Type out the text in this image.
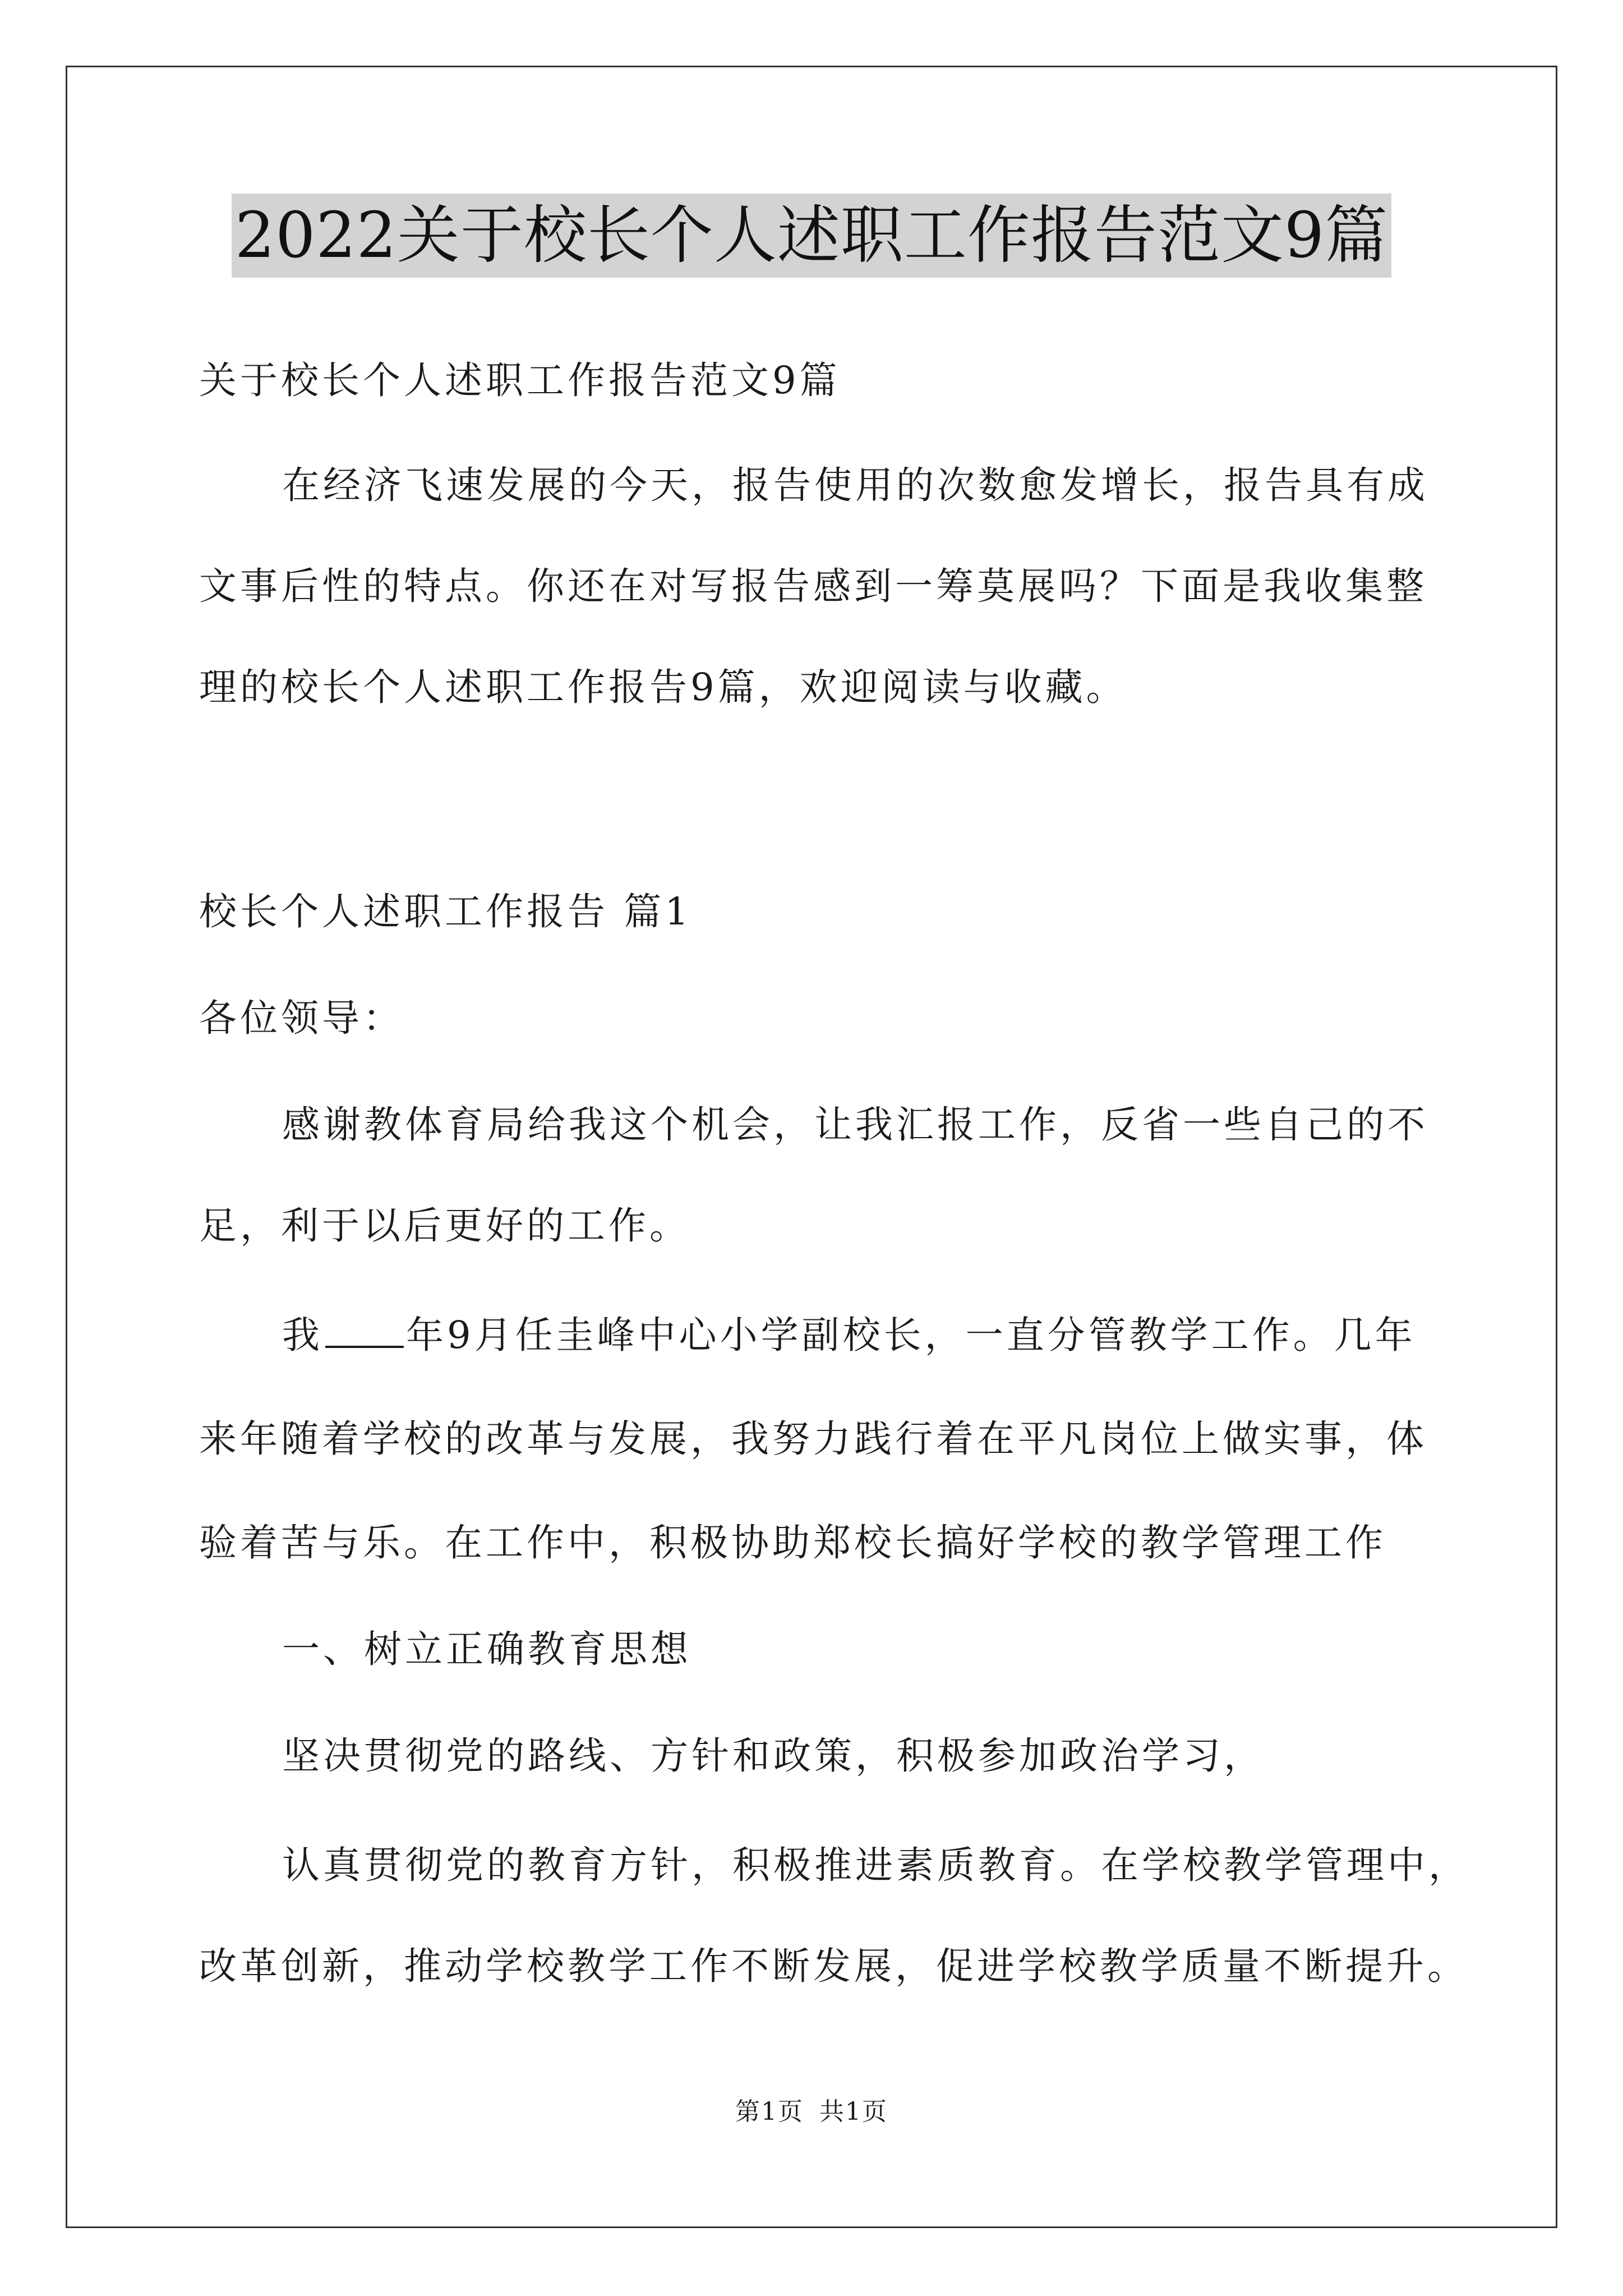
2022关于校长个人述职工作报告范文9篇
关于校长个人述职工作报告范文9篇
在经济飞速发展的今天，报告使用的次数愈发增长，报告具有成
文事后性的特点。你还在对写报告感到一筹莫展吗？下面是我收集整
理的校长个人述职工作报告9篇，欢迎阅读与收藏。
校长个人述职工作报告 篇1
各位领导：
感谢教体育局给我这个机会，让我汇报工作，反省一些自己的不
足，利于以后更好的工作。
我 年9月任圭峰中心小学副校长，一直分管教学工作。几年
来年随着学校的改革与发展，我努力践行着在平凡岗位上做实事，体
验着苦与乐。在工作中，积极协助郑校长搞好学校的教学管理工作
一、树立正确教育思想
坚决贯彻党的路线、方针和政策，积极参加政治学习，
认真贯彻党的教育方针，积极推进素质教育。在学校教学管理中，
改革创新，推动学校教学工作不断发展，促进学校教学质量不断提升。
第1页 共1页
